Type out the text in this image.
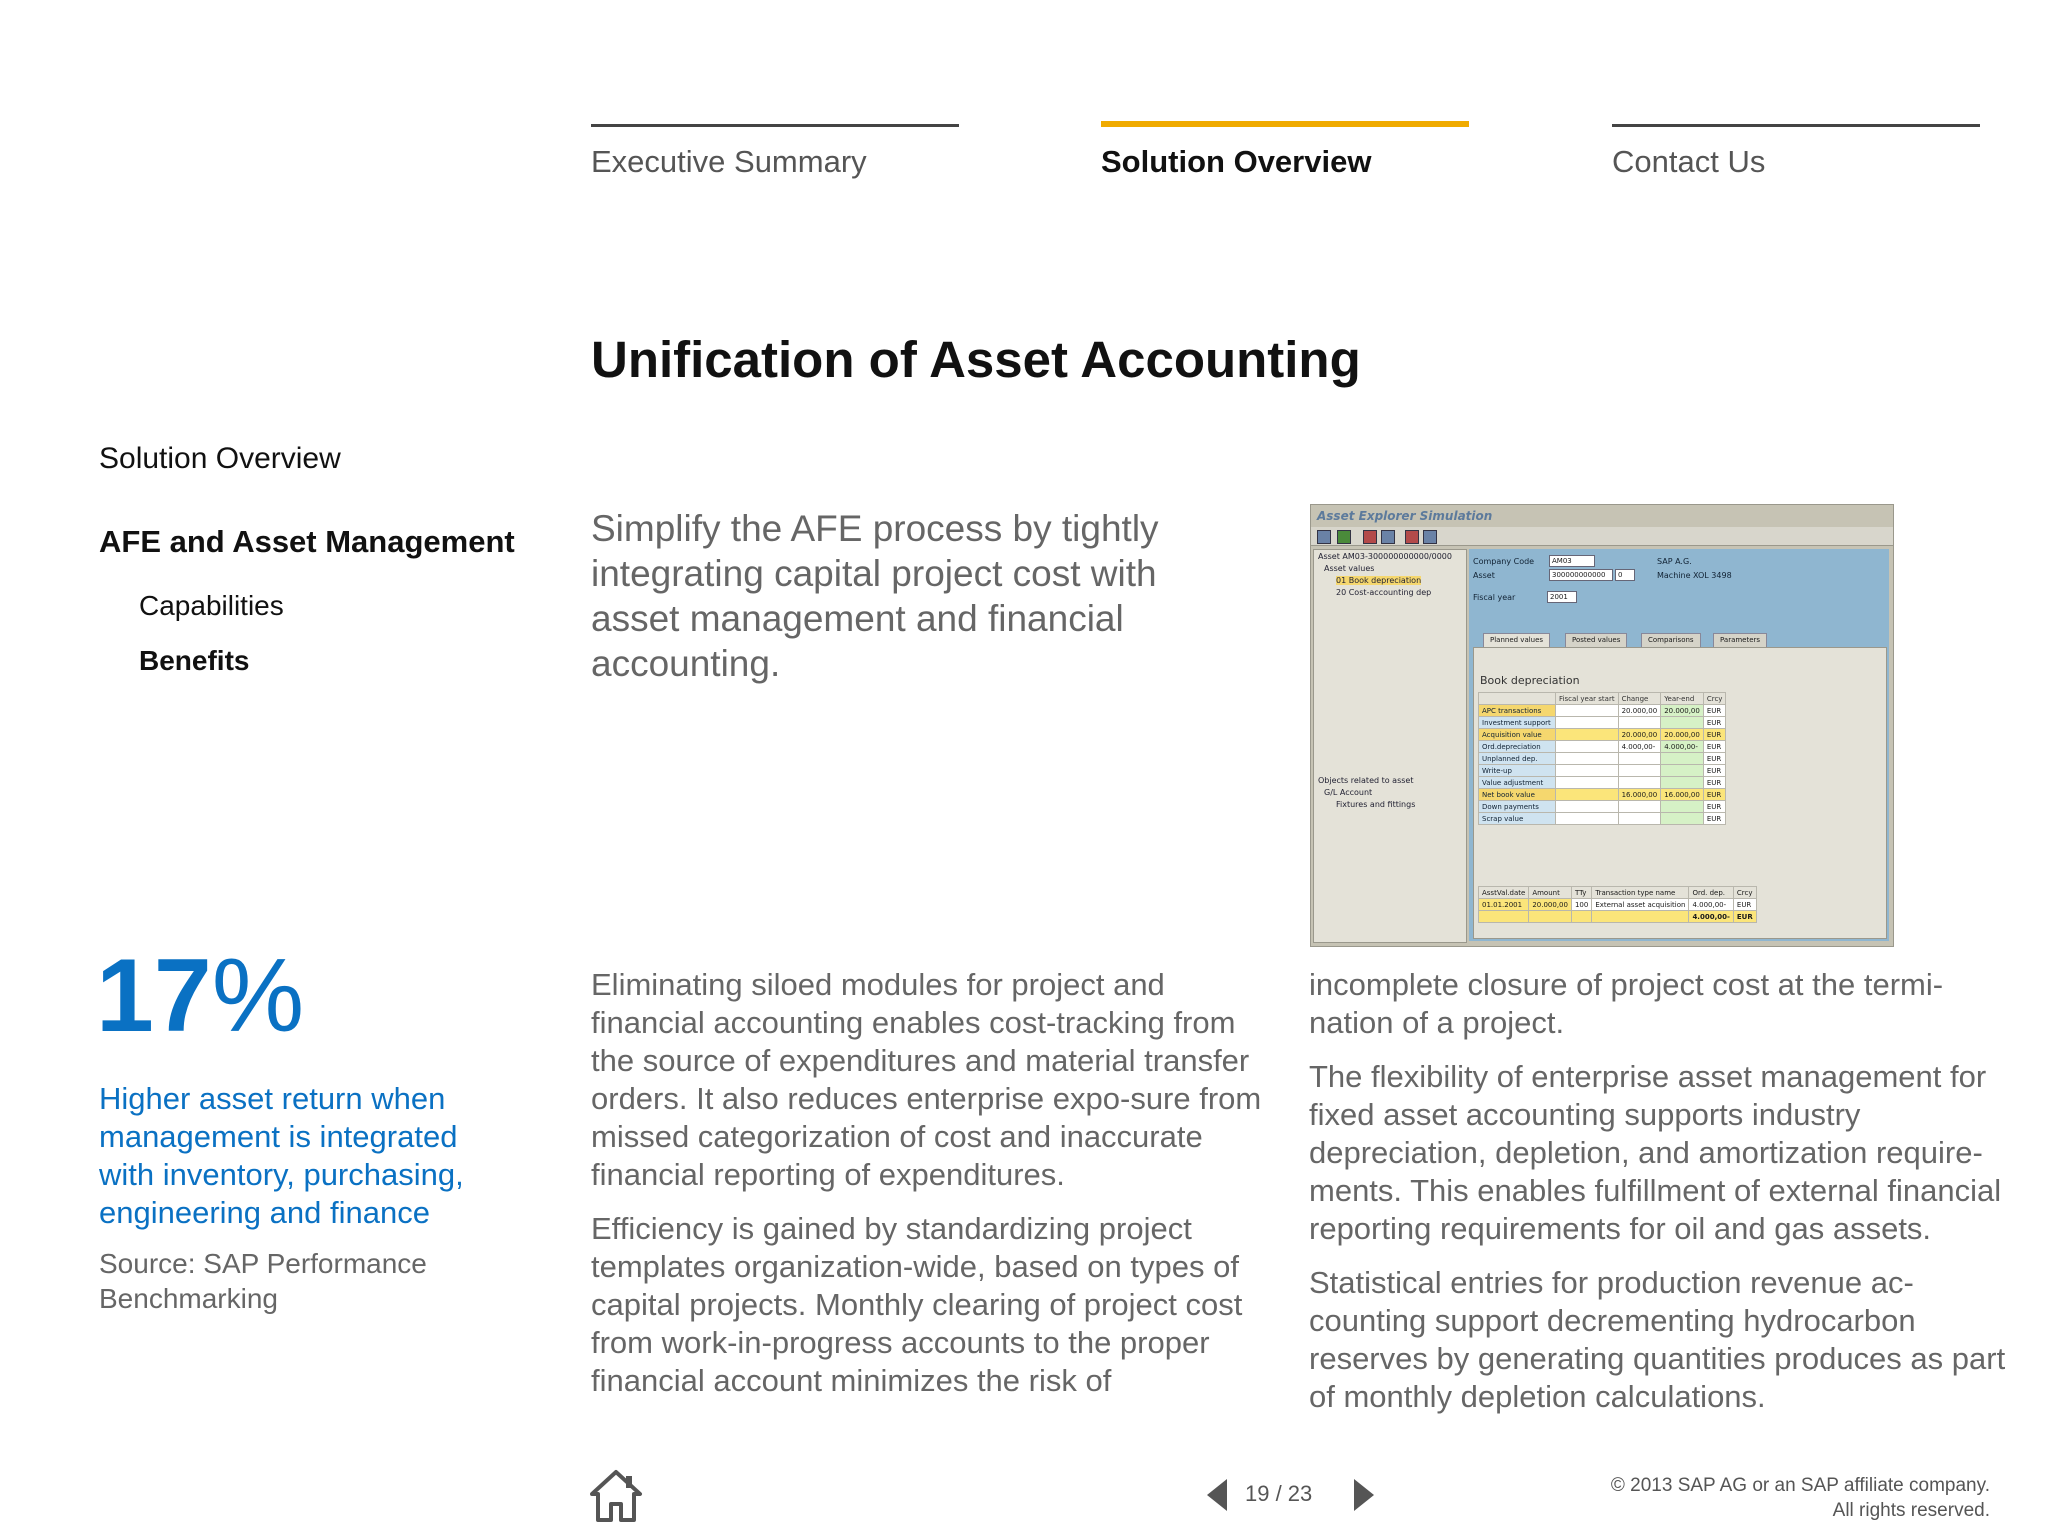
Executive Summary	Solution Overview	Contact Us
Unification of Asset Accounting
Solution Overview
AFE and Asset Management
Capabilities
Benefits
17%
Higher asset return when management is integrated with inventory, purchasing, engineering and finance
Source: SAP Performance Benchmarking
Simplify the AFE process by tightly integrating capital project cost with asset management and financial accounting.
Asset Explorer Simulation
Asset AM03-300000000000/0000
Asset values
01 Book depreciation
20 Cost-accounting dep
Objects related to asset
G/L Account
Fixtures and fittings
Company Code	AM03	SAP A.G.
Asset	300000000000	0	Machine XOL 3498
Fiscal year	2001
Planned values	Posted values	Comparisons	Parameters
Book depreciation
	Fiscal year start	Change	Year-end	Crcy
APC transactions		20.000,00	20.000,00	EUR
Investment support				EUR
Acquisition value		20.000,00	20.000,00	EUR
Ord.depreciation		4.000,00-	4.000,00-	EUR
Unplanned dep.				EUR
Write-up				EUR
Value adjustment				EUR
Net book value		16.000,00	16.000,00	EUR
Down payments				EUR
Scrap value				EUR
AsstVal.date	Amount	TTy	Transaction type name	Ord. dep.	Crcy
01.01.2001	20.000,00	100	External asset acquisition	4.000,00-	EUR
				4.000,00-	EUR

Eliminating siloed modules for project and financial accounting enables cost-tracking from the source of expenditures and material transfer orders. It also reduces enterprise expo-sure from missed categorization of cost and inaccurate financial reporting of expenditures.

Efficiency is gained by standardizing project templates organization-wide, based on types of capital projects. Monthly clearing of project cost from work-in-progress accounts to the proper financial account minimizes the risk of

incomplete closure of project cost at the termi-nation of a project.

The flexibility of enterprise asset management for fixed asset accounting supports industry depreciation, depletion, and amortization require-ments. This enables fulfillment of external financial reporting requirements for oil and gas assets.

Statistical entries for production revenue ac-counting support decrementing hydrocarbon reserves by generating quantities produces as part of monthly depletion calculations.

19 / 23	© 2013 SAP AG or an SAP affiliate company.
All rights reserved.
